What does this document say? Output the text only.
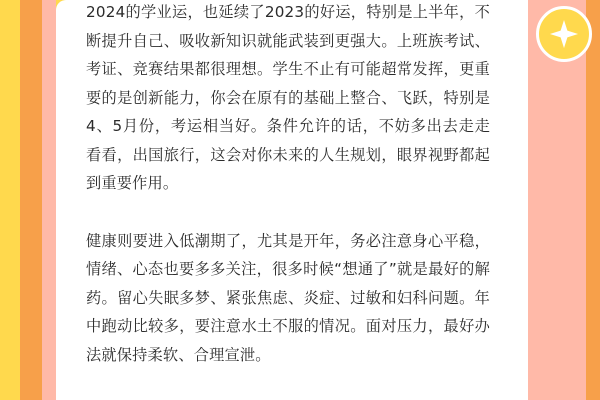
2024的学业运，也延续了2023的好运，特别是上半年，不断提升自己、吸收新知识就能武装到更强大。上班族考试、考证、竞赛结果都很理想。学生不止有可能超常发挥，更重要的是创新能力，你会在原有的基础上整合、飞跃，特别是4、5月份，考运相当好。条件允许的话，不妨多出去走走看看，出国旅行，这会对你未来的人生规划，眼界视野都起到重要作用。

健康则要进入低潮期了，尤其是开年，务必注意身心平稳，情绪、心态也要多多关注，很多时候“想通了”就是最好的解药。留心失眠多梦、紧张焦虑、炎症、过敏和妇科问题。年中跑动比较多，要注意水土不服的情况。面对压力，最好办法就保持柔软、合理宣泄。
